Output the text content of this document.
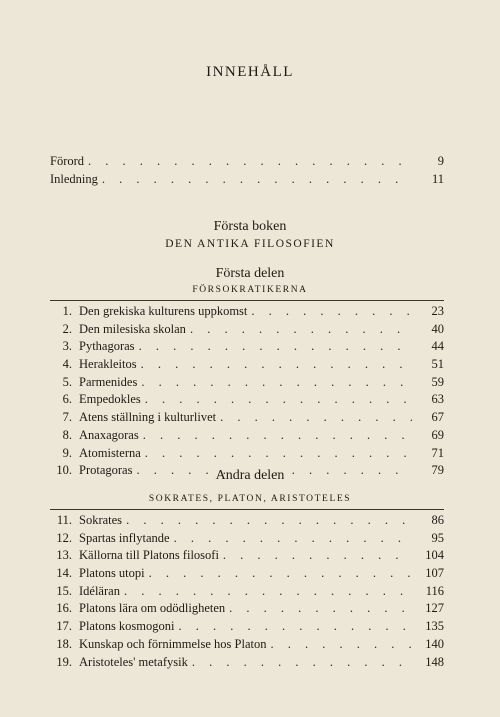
INNEHÅLL
Förord . . .	9
Inledning . . .	11
Första boken
DEN ANTIKA FILOSOFIEN
Första delen
FÖRSOKRATIKERNA
1. Den grekiska kulturens uppkomst . . .	23
2. Den milesiska skolan . . .	40
3. Pythagoras . . .	44
4. Herakleitos . . .	51
5. Parmenides . . .	59
6. Empedokles . . .	63
7. Atens ställning i kulturlivet . . .	67
8. Anaxagoras . . .	69
9. Atomisterna . . .	71
10. Protagoras . . .	79
Andra delen
SOKRATES, PLATON, ARISTOTELES
11. Sokrates . . .	86
12. Spartas inflytande . . .	95
13. Källorna till Platons filosofi . . .	104
14. Platons utopi . . .	107
15. Idéläran . . .	116
16. Platons lära om odödligheten . . .	127
17. Platons kosmogoni . . .	135
18. Kunskap och förnimmelse hos Platon . . .	140
19. Aristoteles' metafysik . . .	148
